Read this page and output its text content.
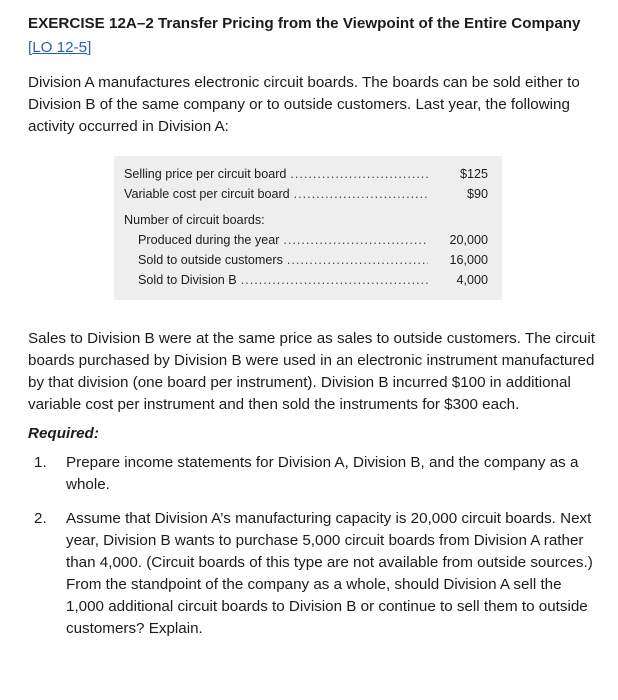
EXERCISE 12A–2 Transfer Pricing from the Viewpoint of the Entire Company [LO 12-5]

Division A manufactures electronic circuit boards. The boards can be sold either to Division B of the same company or to outside customers. Last year, the following activity occurred in Division A:

Selling price per circuit board .....	$125
Variable cost per circuit board .....	$90
Number of circuit boards:
Produced during the year .....	20,000
Sold to outside customers .....	16,000
Sold to Division B .....	4,000

Sales to Division B were at the same price as sales to outside customers. The circuit boards purchased by Division B were used in an electronic instrument manufactured by that division (one board per instrument). Division B incurred $100 in additional variable cost per instrument and then sold the instruments for $300 each.

Required:

1.	Prepare income statements for Division A, Division B, and the company as a whole.
2.	Assume that Division A’s manufacturing capacity is 20,000 circuit boards. Next year, Division B wants to purchase 5,000 circuit boards from Division A rather than 4,000. (Circuit boards of this type are not available from outside sources.) From the standpoint of the company as a whole, should Division A sell the 1,000 additional circuit boards to Division B or continue to sell them to outside customers? Explain.
